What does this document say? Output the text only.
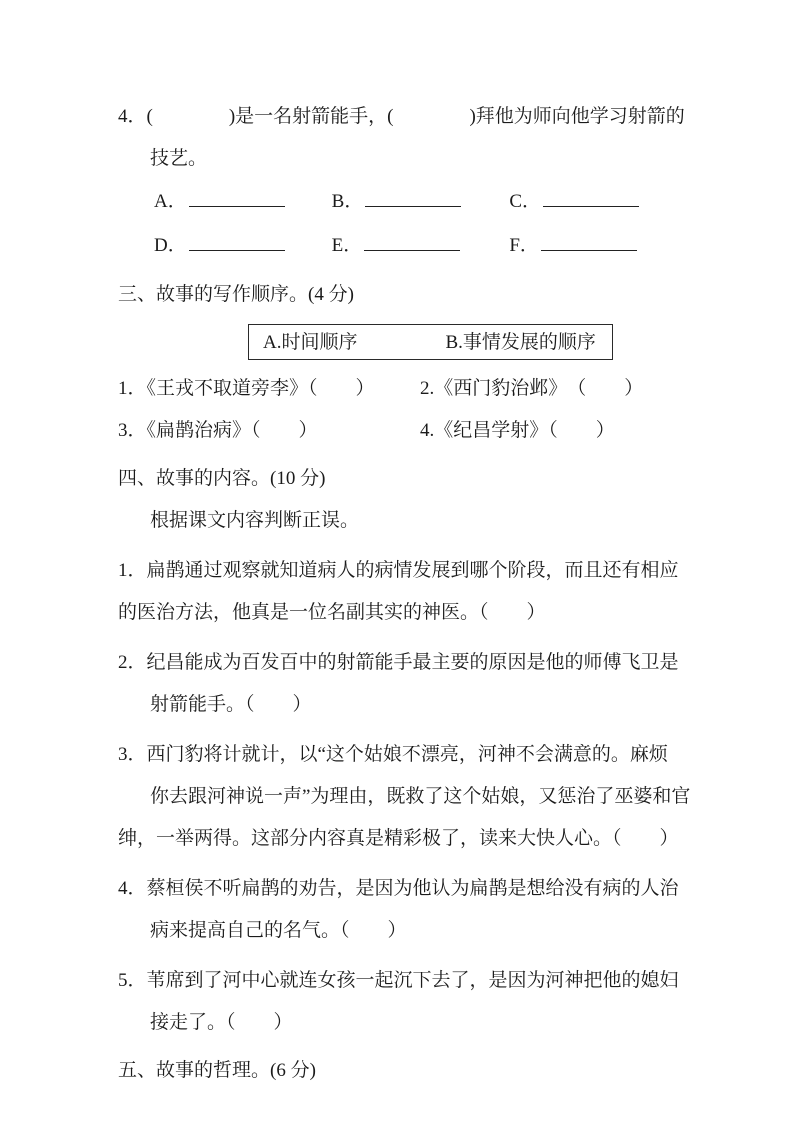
4．(　　　　)是一名射箭能手，(　　　　)拜他为师向他学习射箭的
技艺。
A．	B．	C．
D．	E．	F．
三、故事的写作顺序。(4 分)
A.时间顺序	B.事情发展的顺序
1．《王戎不取道旁李》（　　）	2.《西门豹治邺》　（　　）
3．《扁鹊治病》（　　）	4.《纪昌学射》（　　）
四、故事的内容。(10 分)
根据课文内容判断正误。
1．扁鹊通过观察就知道病人的病情发展到哪个阶段，而且还有相应
的医治方法，他真是一位名副其实的神医。（　　）
2．纪昌能成为百发百中的射箭能手最主要的原因是他的师傅飞卫是
射箭能手。（　　）
3．西门豹将计就计，以“这个姑娘不漂亮，河神不会满意的。麻烦
你去跟河神说一声”为理由，既救了这个姑娘，又惩治了巫婆和官
绅，一举两得。这部分内容真是精彩极了，读来大快人心。（　　）
4．蔡桓侯不听扁鹊的劝告，是因为他认为扁鹊是想给没有病的人治
病来提高自己的名气。（　　）
5．苇席到了河中心就连女孩一起沉下去了，是因为河神把他的媳妇
接走了。（　　）
五、故事的哲理。(6 分)
